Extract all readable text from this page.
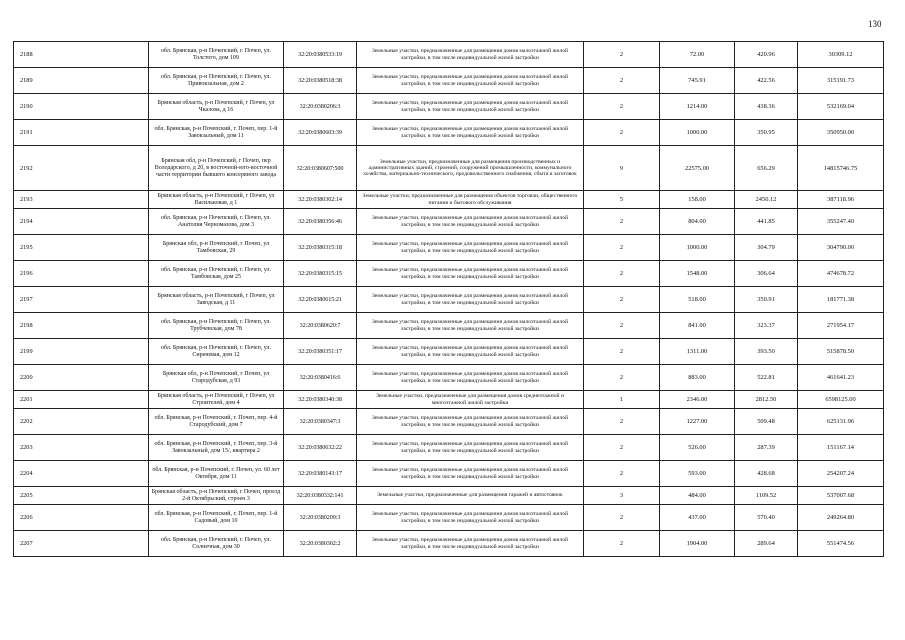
130
2188	обл. Брянская, р-н Почепский, г. Почеп, ул. Толстого, дом 109	32:20:0380533:19	Земельные участки, предназначенные для размещения домов малоэтажной жилой застройки, в том числе индивидуальной жилой застройки	2	72.00	420.96	30309.12
2189	обл. Брянская, р-н Почепский, г. Почеп, ул. Привокзальная, дом 2	32:20:0380518:38	Земельные участки, предназначенные для размещения домов малоэтажной жилой застройки, в том числе индивидуальной жилой застройки	2	745.91	422.56	315191.73
2190	Брянская область, р-н Почепский, г Почеп, ул Чкалова, д 16	32:20:0380206:3	Земельные участки, предназначенные для размещения домов малоэтажной жилой застройки, в том числе индивидуальной жилой застройки	2	1214.00	438.36	532169.04
2191	обл. Брянская, р-н Почепский, г. Почеп, пер. 1-й Завокзальный, дом 11	32:20:0380603:39	Земельные участки, предназначенные для размещения домов малоэтажной жилой застройки, в том числе индивидуальной жилой застройки	2	1000.00	350.95	350950.00
2192	Брянская обл, р-н Почепский, г Почеп, пер Володарского, д 20, в восточной-юго-восточной части территории бывшего консервного завода	32:20:0380607:500	Земельные участки, предназначенные для размещения производственных и административных зданий, строений, сооружений промышленности, коммунального хозяйства, материально-технического, продовольственного снабжения, сбыта и заготовок	9	22575.00	656.29	14815746.75
2193	Брянская область, р-н Почепский, г Почеп, ул Васильковая, д 1	32:20:0380302:14	Земельные участки, предназначенные для размещения объектов торговли, общественного питания и бытового обслуживания	5	158.00	2450.12	387118.96
2194	обл. Брянская, р-н Почепский, г. Почеп, ул. Анатолия Черномазова, дом 3	32:20:0380356:46	Земельные участки, предназначенные для размещения домов малоэтажной жилой застройки, в том числе индивидуальной жилой застройки	2	804.00	441.85	355247.40
2195	Брянская обл, р-н Почепский, г Почеп, ул Тамбовская, 29	32:20:0380315:18	Земельные участки, предназначенные для размещения домов малоэтажной жилой застройки, в том числе индивидуальной жилой застройки	2	1000.00	304.79	304790.00
2196	обл. Брянская, р-н Почепский, г. Почеп, ул. Тамбовская, дом 25	32:20:0380315:15	Земельные участки, предназначенные для размещения домов малоэтажной жилой застройки, в том числе индивидуальной жилой застройки	2	1548.00	306.64	474678.72
2197	Брянская область, р-н Почепский, г Почеп, ул Заводская, д 11	32:20:0380615:21	Земельные участки, предназначенные для размещения домов малоэтажной жилой застройки, в том числе индивидуальной жилой застройки	2	518.00	350.91	181771.38
2198	обл. Брянская, р-н Почепский, г. Почеп, ул. Трубчевская, дом 78	32:20:0380620:7	Земельные участки, предназначенные для размещения домов малоэтажной жилой застройки, в том числе индивидуальной жилой застройки	2	841.00	323.37	271954.17
2199	обл. Брянская, р-н Почепский, г. Почеп, ул. Сиреневая, дом 12	32:20:0380351:17	Земельные участки, предназначенные для размещения домов малоэтажной жилой застройки, в том числе индивидуальной жилой застройки	2	1311.00	393.50	515878.50
2200	Брянская обл, р-н Почепский, г Почеп, ул Стародубская, д 93	32:20:0380416:6	Земельные участки, предназначенные для размещения домов малоэтажной жилой застройки, в том числе индивидуальной жилой застройки	2	883.00	522.81	461641.23
2201	Брянская область, р-н Почепский, г Почеп, ул Строителей, дом 4	32:20:0380340:38	Земельные участки, предназначенные для размещения домов среднеэтажной и многоэтажной жилой застройки	1	2346.00	2812.50	6598125.00
2202	обл. Брянская, р-н Почепский, г. Почеп, пер. 4-й Стародубский, дом 7	32:20:0380347:3	Земельные участки, предназначенные для размещения домов малоэтажной жилой застройки, в том числе индивидуальной жилой застройки	2	1227.00	509.48	625131.96
2203	обл. Брянская, р-н Почепский, г. Почеп, пер. 3-й Завокзальный, дом 15/, квартира 2	32:20:0380632:22	Земельные участки, предназначенные для размещения домов малоэтажной жилой застройки, в том числе индивидуальной жилой застройки	2	526.00	287.39	151167.14
2204	обл. Брянская, р-н Почепский, г. Почеп, ул. 60 лет Октября, дом 11	32:20:0380143:17	Земельные участки, предназначенные для размещения домов малоэтажной жилой застройки, в том числе индивидуальной жилой застройки	2	593.00	428.68	254207.24
2205	Брянская область, р-н Почепский, г Почеп, проезд 2-й Октябрьский, строен 3	32:20:0380332:141	Земельные участки, предназначенные для размещения гаражей и автостоянок	3	484.00	1109.52	537007.68
2206	обл. Брянская, р-н Почепский, г. Почеп, пер. 1-й Садовый, дом 10	32:20:0380209:3	Земельные участки, предназначенные для размещения домов малоэтажной жилой застройки, в том числе индивидуальной жилой застройки	2	437.00	570.40	249264.80
2207	обл. Брянская, р-н Почепский, г. Почеп, ул. Солнечная, дом 30	32:20:0380302:2	Земельные участки, предназначенные для размещения домов малоэтажной жилой застройки, в том числе индивидуальной жилой застройки	2	1904.00	289.64	551474.56
